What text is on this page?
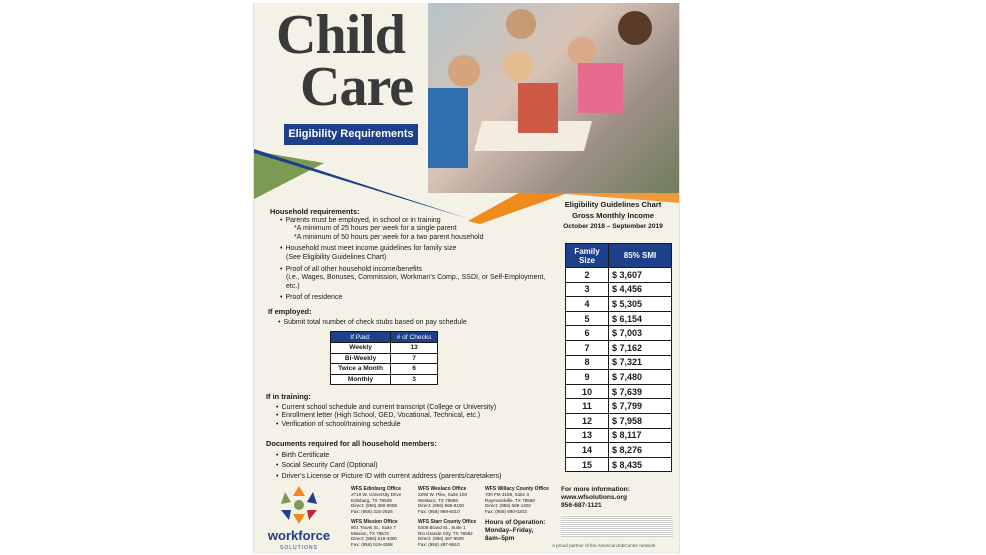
Child
Care
Eligibility Requirements
Household requirements:
• Parents must be employed, in school or in training
*A minimum of 25 hours per week for a single parent
*A minimum of 50 hours per week for a two parent household
• Household must meet income guidelines for family size
(See Eligibility Guidelines Chart)
• Proof of all other household income/benefits
(i.e., Wages, Bonuses, Commission, Workman's Comp., SSDI, or Self-Employment, etc.)
• Proof of residence
If employed:
• Submit total number of check stubs based on pay schedule
If Paid:	# of Checks
Weekly	13
Bi-Weekly	7
Twice a Month	6
Monthly	3
If in training:
• Current school schedule and current transcript (College or University)
• Enrollment letter (High School, GED, Vocational, Technical, etc.)
• Verification of school/training schedule
Documents required for all household members:
• Birth Certificate
• Social Security Card (Optional)
• Driver's License or Picture ID with current address (parents/caretakers)
Eligibility Guidelines Chart
Gross Monthly Income
October 2018 – September 2019
Family Size	85% SMI
2	$ 3,607
3	$ 4,456
4	$ 5,305
5	$ 6,154
6	$ 7,003
7	$ 7,162
8	$ 7,321
9	$ 7,480
10	$ 7,639
11	$ 7,799
12	$ 7,958
13	$ 8,117
14	$ 8,276
15	$ 8,435
workforce
SOLUTIONS
WFS Edinburg Office
2719 W. University Drive
Edinburg, TX 78539
Direct: (956) 380-0008
Fax: (956) 316-2626
WFS Weslaco Office
2290 W. Pike, Suite 100
Weslaco, TX 78596
Direct: (956) 969-8100
Fax: (956) 969-6010
WFS Willacy County Office
700 FM 3168, Suite 3
Raymondville, TX 78580
Direct: (956) 689-1402
Fax: (956) 690-0203
WFS Mission Office
901 Travis St., Suite 7
Mission, TX 78572
Direct: (956) 519-4300
Fax: (956) 519-4368
WFS Starr County Office
5408 Brand St., Suite 1
Rio Grande City, TX 78582
Direct: (956) 487-9500
Fax: (956) 487-9510
Hours of Operation:
Monday–Friday,
8am–5pm
For more information:
www.wfsolutions.org
956-687-1121
A proud partner of the AmericanJobCenter network
